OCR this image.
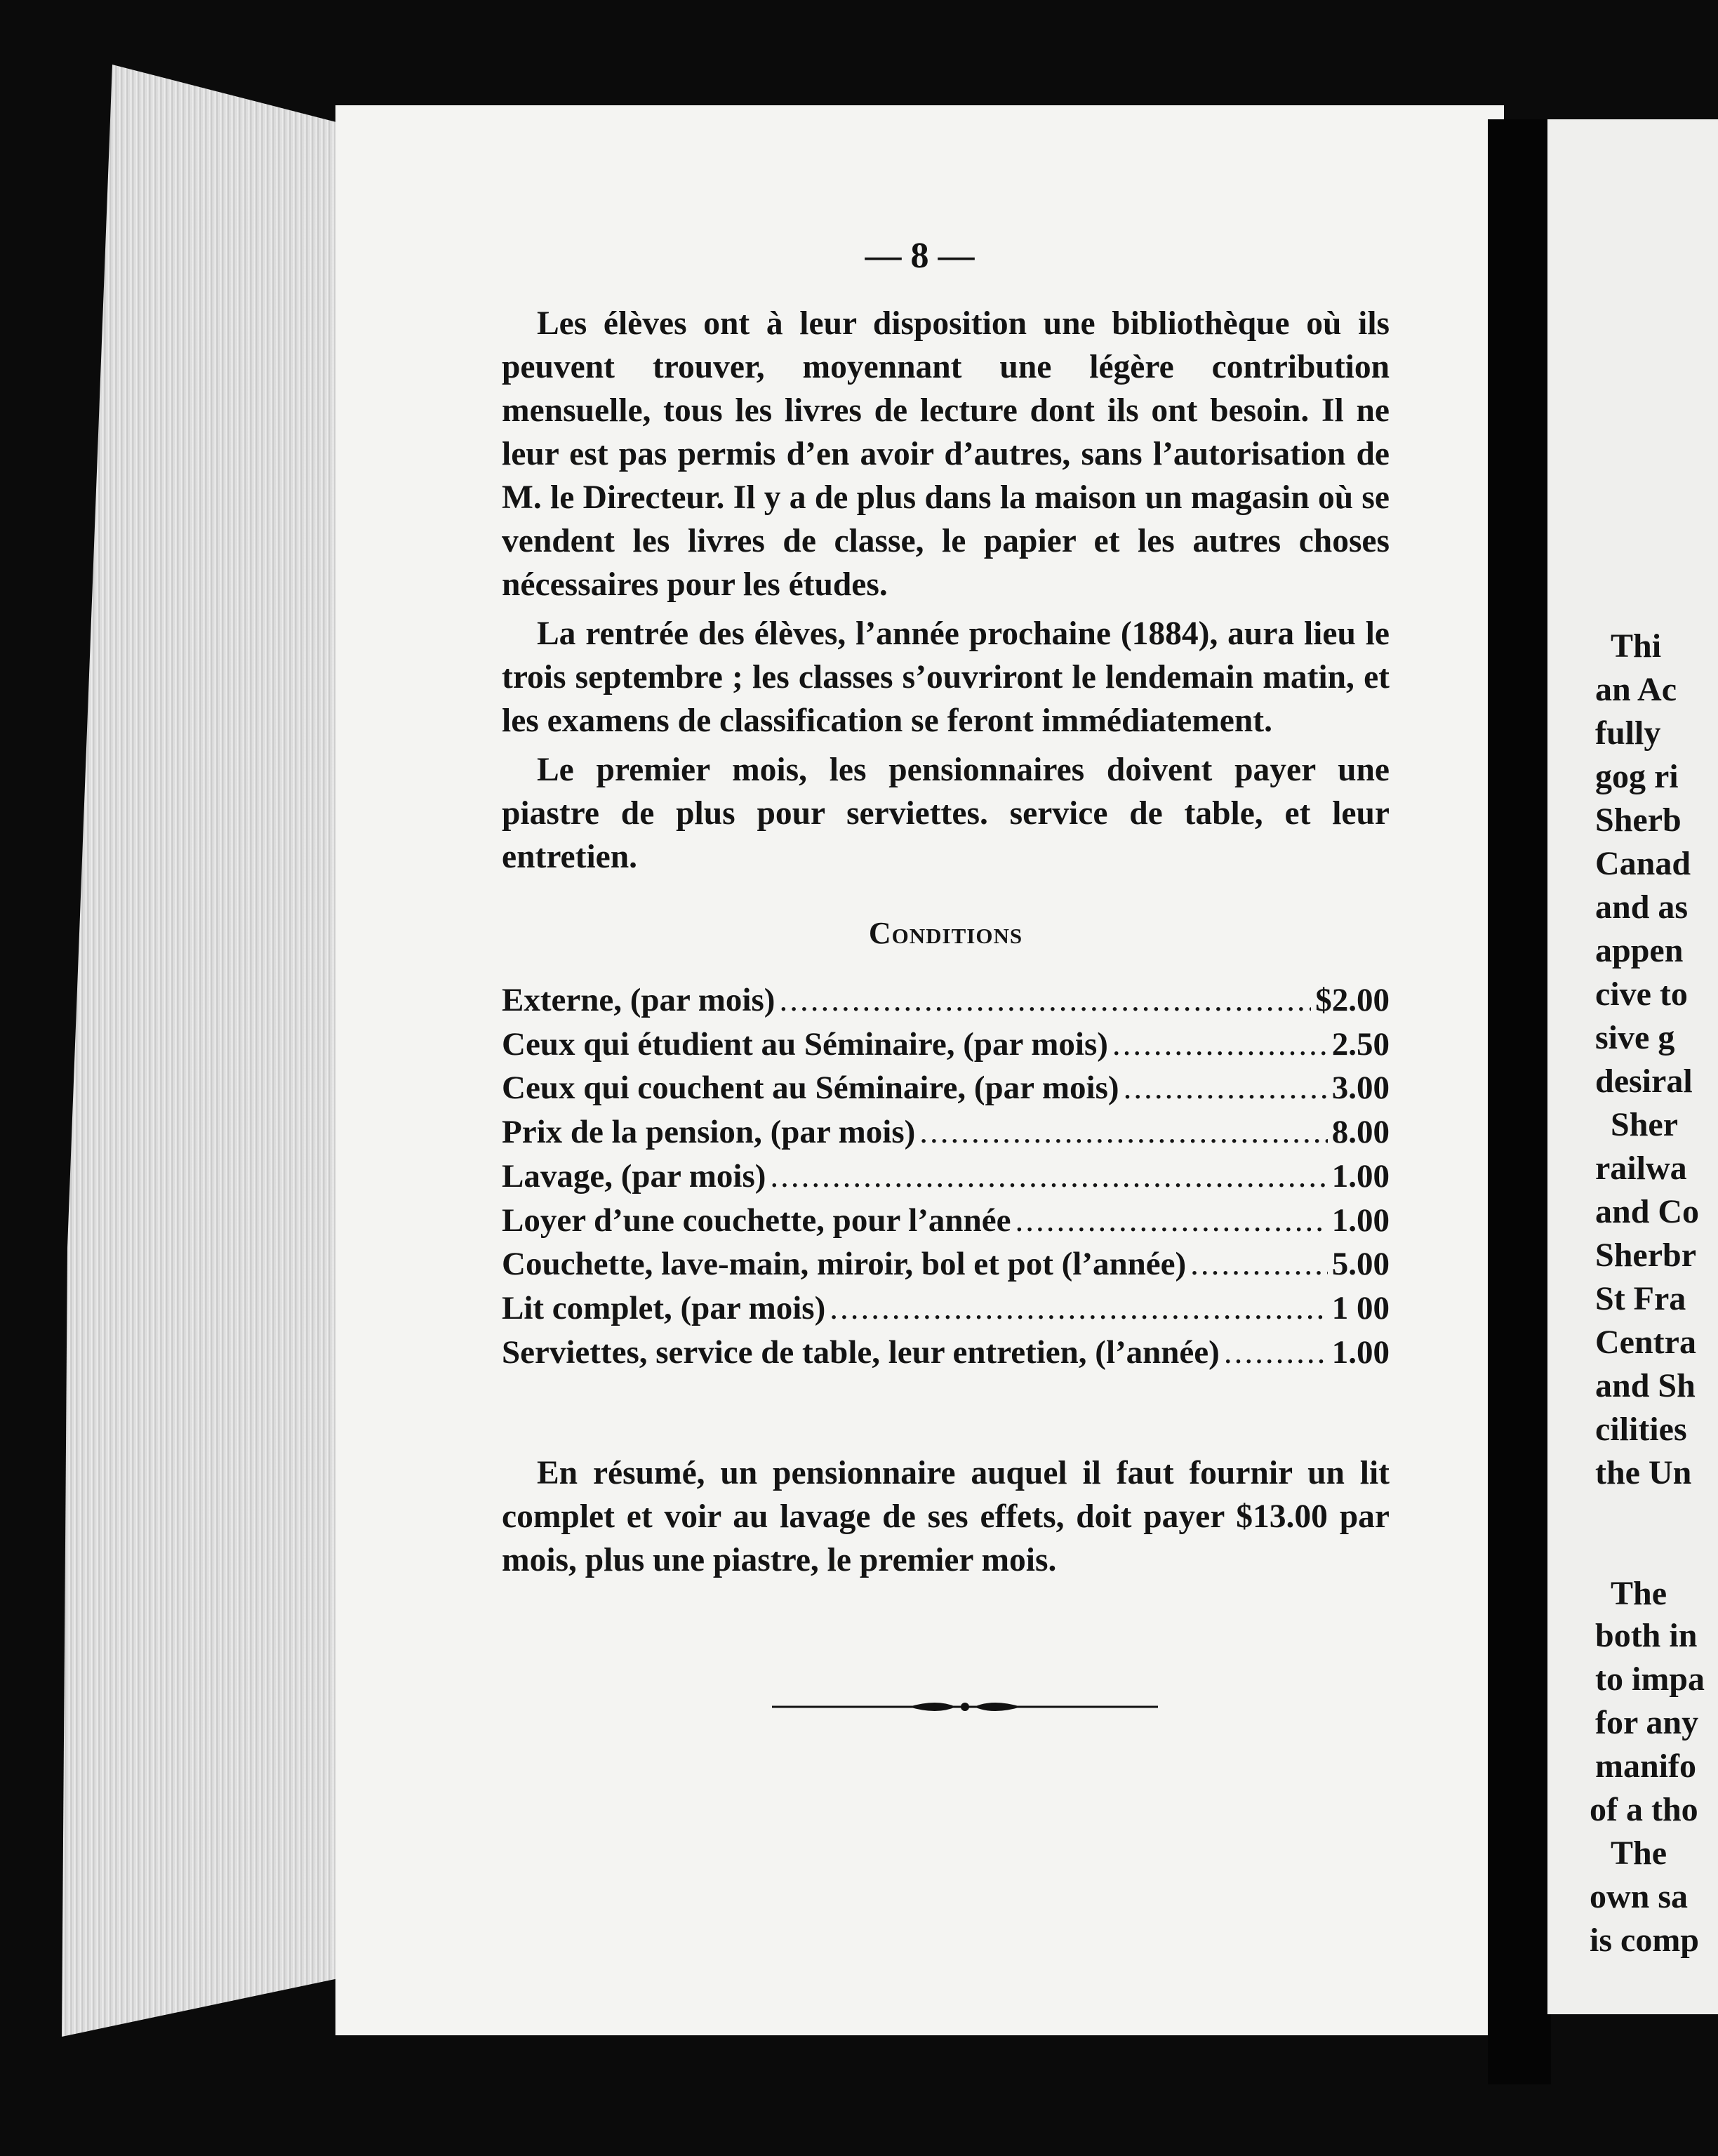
— 8 —
Thi
an Ac
fully
gog ri
Sherb
Canad
and as
appen
cive to
sive g
desiral
Sher
railwa
and Co
Sherbr
St Fra
Centra
and Sh
cilities
the Un
The
both in
to impa
for any
manifo
of a tho
The
own sa
is comp

Les élèves ont à leur disposition une bibliothèque où ils peuvent trouver, moyennant une légère contribution mensuelle, tous les livres de lecture dont ils ont besoin. Il ne leur est pas permis d’en avoir d’autres, sans l’autorisation de M. le Directeur. Il y a de plus dans la maison un magasin où se vendent les livres de classe, le papier et les autres choses nécessaires pour les études.

La rentrée des élèves, l’année prochaine (1884), aura lieu le trois septembre ; les classes s’ouvriront le lendemain matin, et les examens de classification se feront immédiatement.

Le premier mois, les pensionnaires doivent payer une piastre de plus pour serviettes. service de table, et leur entretien.

Conditions
Externe, (par mois) .....	$2.00
Ceux qui étudient au Séminaire, (par mois) .....	2.50
Ceux qui couchent au Séminaire, (par mois) .....	3.00
Prix de la pension, (par mois) .....	8.00
Lavage, (par mois) .....	1.00
Loyer d’une couchette, pour l’année .....	1.00
Couchette, lave-main, miroir, bol et pot (l’année) .....	5.00
Lit complet, (par mois) .....	1 00
Serviettes, service de table, leur entretien, (l’année) .....	1.00

En résumé, un pensionnaire auquel il faut fournir un lit complet et voir au lavage de ses effets, doit payer $13.00 par mois, plus une piastre, le premier mois.
